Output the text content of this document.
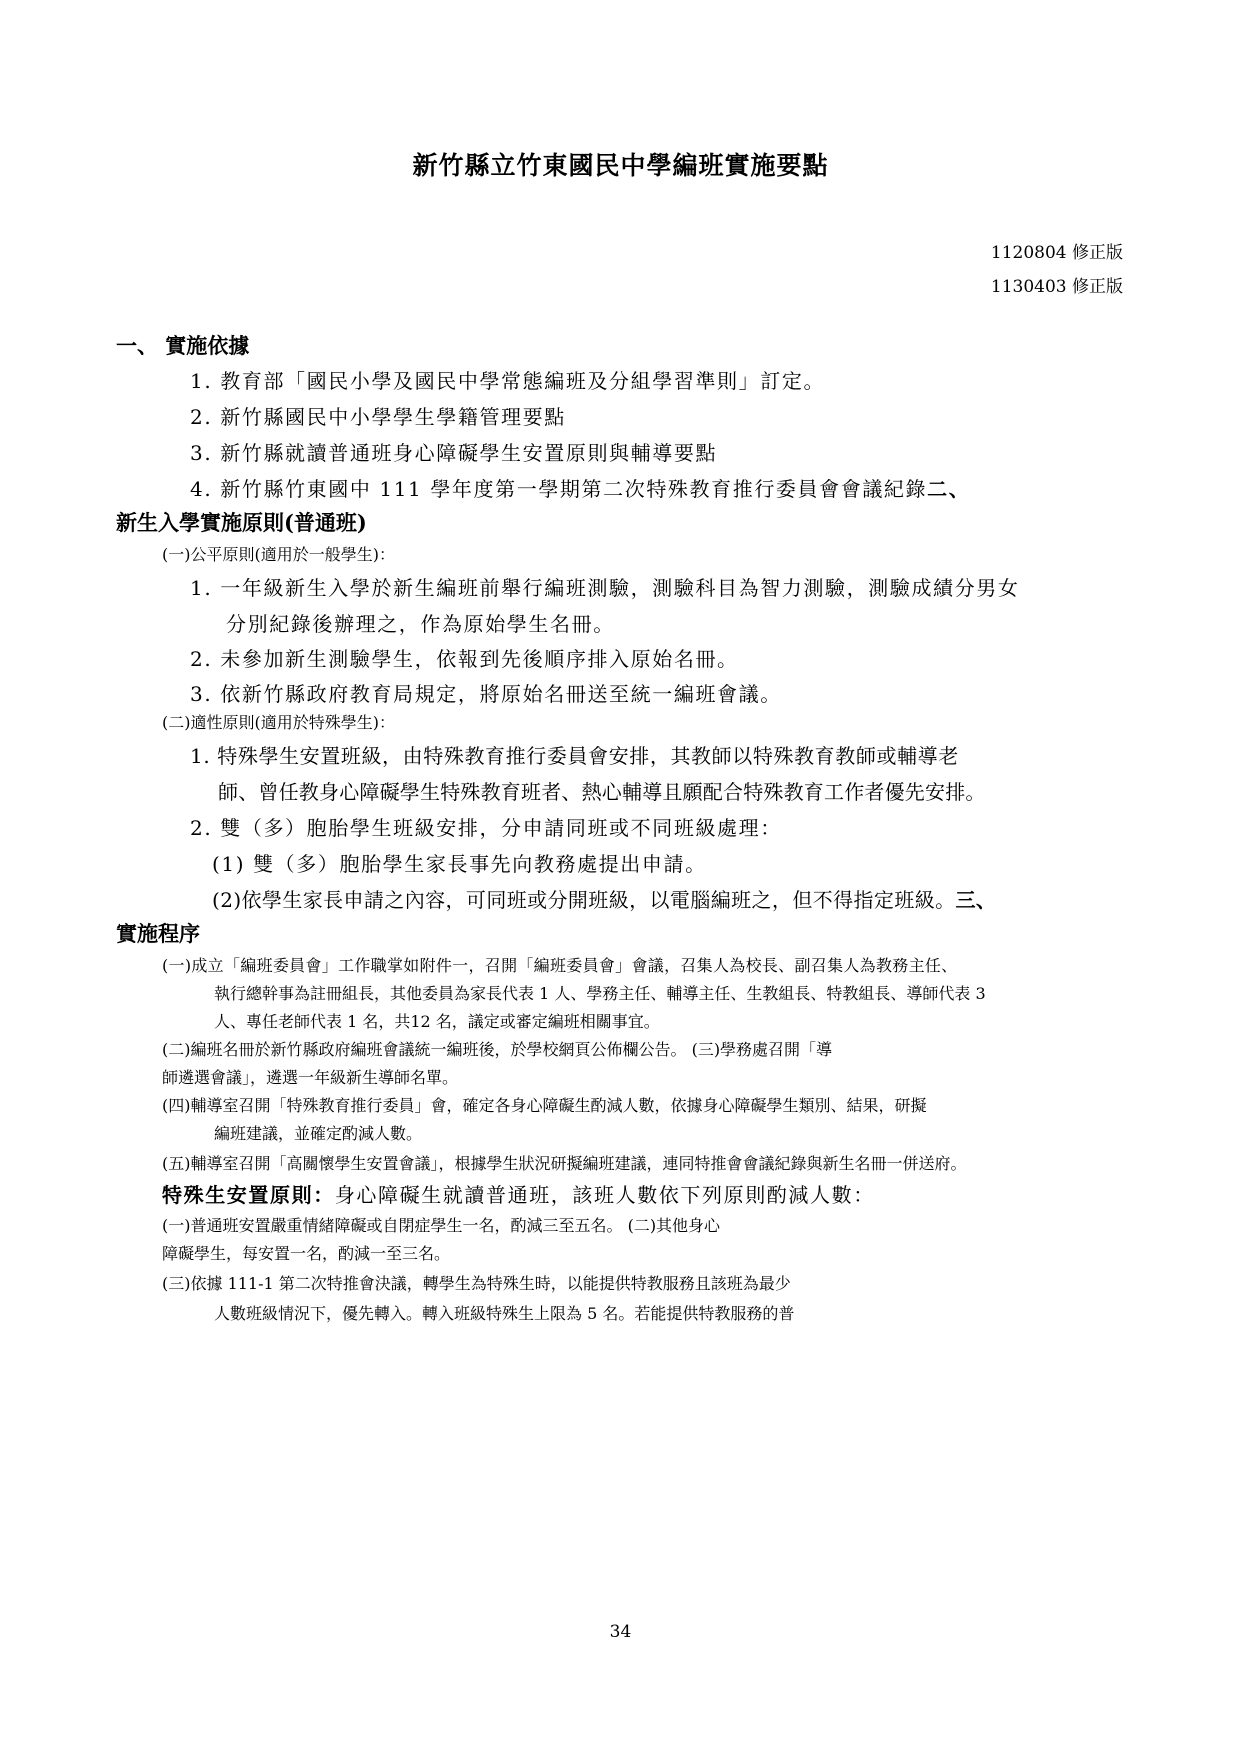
新竹縣立竹東國民中學編班實施要點
1120804 修正版
1130403 修正版
一、 實施依據
1. 教育部「國民小學及國民中學常態編班及分組學習準則」訂定。
2. 新竹縣國民中小學學生學籍管理要點
3. 新竹縣就讀普通班身心障礙學生安置原則與輔導要點
4. 新竹縣竹東國中 111 學年度第一學期第二次特殊教育推行委員會會議紀錄二、
新生入學實施原則(普通班)
(一)公平原則(適用於一般學生)：
1. 一年級新生入學於新生編班前舉行編班測驗，測驗科目為智力測驗，測驗成績分男女
分別紀錄後辦理之，作為原始學生名冊。
2. 未參加新生測驗學生，依報到先後順序排入原始名冊。
3. 依新竹縣政府教育局規定，將原始名冊送至統一編班會議。
(二)適性原則(適用於特殊學生)：
1. 特殊學生安置班級，由特殊教育推行委員會安排，其教師以特殊教育教師或輔導老
師、曾任教身心障礙學生特殊教育班者、熱心輔導且願配合特殊教育工作者優先安排。
2. 雙（多）胞胎學生班級安排，分申請同班或不同班級處理：
(1) 雙（多）胞胎學生家長事先向教務處提出申請。
(2)依學生家長申請之內容，可同班或分開班級，以電腦編班之，但不得指定班級。三、
實施程序
(一)成立「編班委員會」工作職掌如附件一，召開「編班委員會」會議，召集人為校長、副召集人為教務主任、
執行總幹事為註冊組長，其他委員為家長代表 1 人、學務主任、輔導主任、生教組長、特教組長、導師代表 3
人、專任老師代表 1 名，共12 名，議定或審定編班相關事宜。
(二)編班名冊於新竹縣政府編班會議統一編班後，於學校網頁公佈欄公告。 (三)學務處召開「導
師遴選會議」，遴選一年級新生導師名單。
(四)輔導室召開「特殊教育推行委員」會，確定各身心障礙生酌減人數，依據身心障礙學生類別、結果，研擬
編班建議，並確定酌減人數。
(五)輔導室召開「高關懷學生安置會議」，根據學生狀況研擬編班建議，連同特推會會議紀錄與新生名冊一併送府。
特殊生安置原則：身心障礙生就讀普通班，該班人數依下列原則酌減人數：
(一)普通班安置嚴重情緒障礙或自閉症學生一名，酌減三至五名。 (二)其他身心
障礙學生，每安置一名，酌減一至三名。
(三)依據 111-1 第二次特推會決議，轉學生為特殊生時，以能提供特教服務且該班為最少
人數班級情況下，優先轉入。轉入班級特殊生上限為 5 名。若能提供特教服務的普
34
